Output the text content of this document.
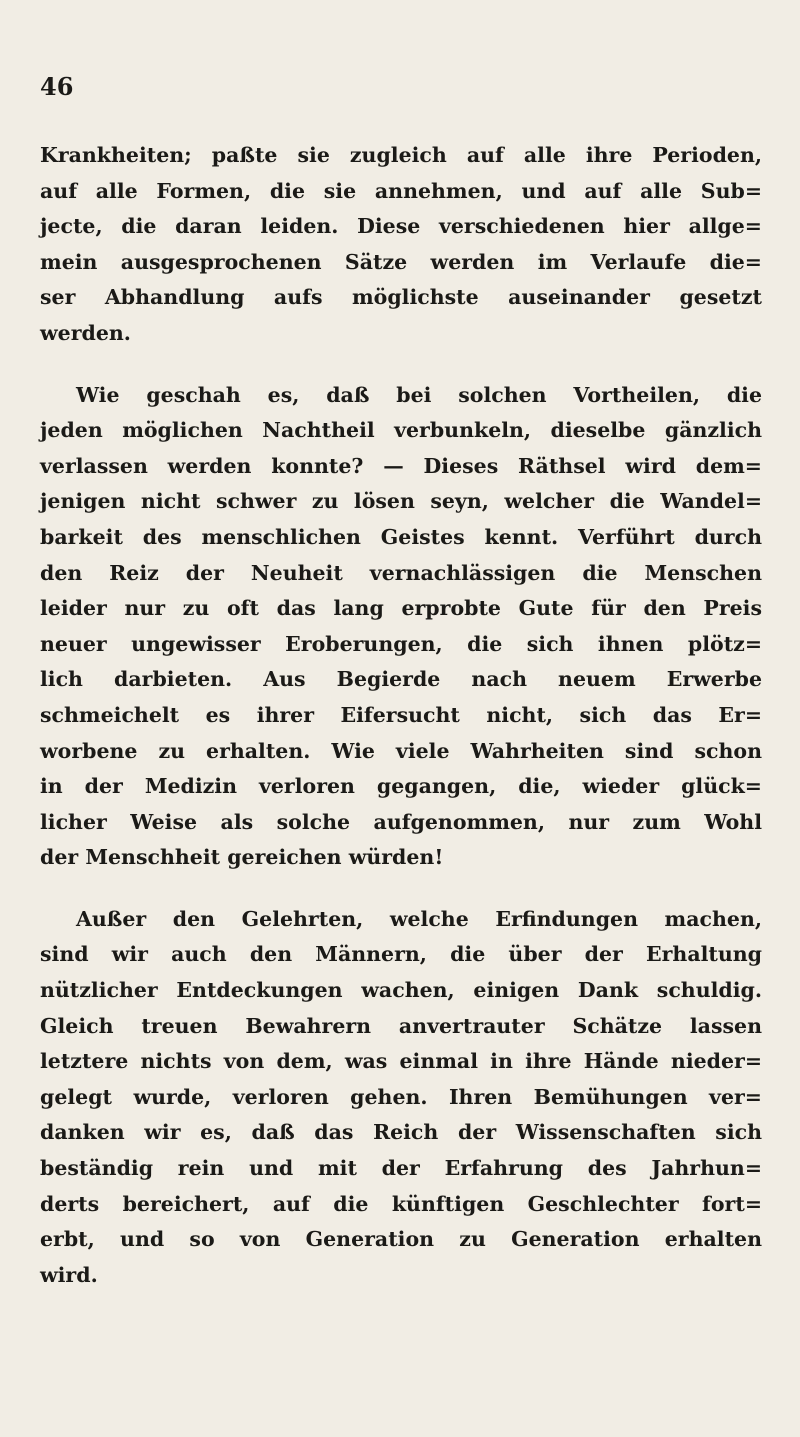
46
Krankheiten; paßte sie zugleich auf alle ihre Perioden,
auf alle Formen, die sie annehmen, und auf alle Sub=
jecte, die daran leiden. Diese verschiedenen hier allge=
mein ausgesprochenen Sätze werden im Verlaufe die=
ser Abhandlung aufs möglichste auseinander gesetzt
werden.
Wie geschah es, daß bei solchen Vortheilen, die
jeden möglichen Nachtheil verbunkeln, dieselbe gänzlich
verlassen werden konnte? — Dieses Räthsel wird dem=
jenigen nicht schwer zu lösen seyn, welcher die Wandel=
barkeit des menschlichen Geistes kennt. Verführt durch
den Reiz der Neuheit vernachlässigen die Menschen
leider nur zu oft das lang erprobte Gute für den Preis
neuer ungewisser Eroberungen, die sich ihnen plötz=
lich darbieten. Aus Begierde nach neuem Erwerbe
schmeichelt es ihrer Eifersucht nicht, sich das Er=
worbene zu erhalten. Wie viele Wahrheiten sind schon
in der Medizin verloren gegangen, die, wieder glück=
licher Weise als solche aufgenommen, nur zum Wohl
der Menschheit gereichen würden!
Außer den Gelehrten, welche Erfindungen machen,
sind wir auch den Männern, die über der Erhaltung
nützlicher Entdeckungen wachen, einigen Dank schuldig.
Gleich treuen Bewahrern anvertrauter Schätze lassen
letztere nichts von dem, was einmal in ihre Hände nieder=
gelegt wurde, verloren gehen. Ihren Bemühungen ver=
danken wir es, daß das Reich der Wissenschaften sich
beständig rein und mit der Erfahrung des Jahrhun=
derts bereichert, auf die künftigen Geschlechter fort=
erbt, und so von Generation zu Generation erhalten
wird.
